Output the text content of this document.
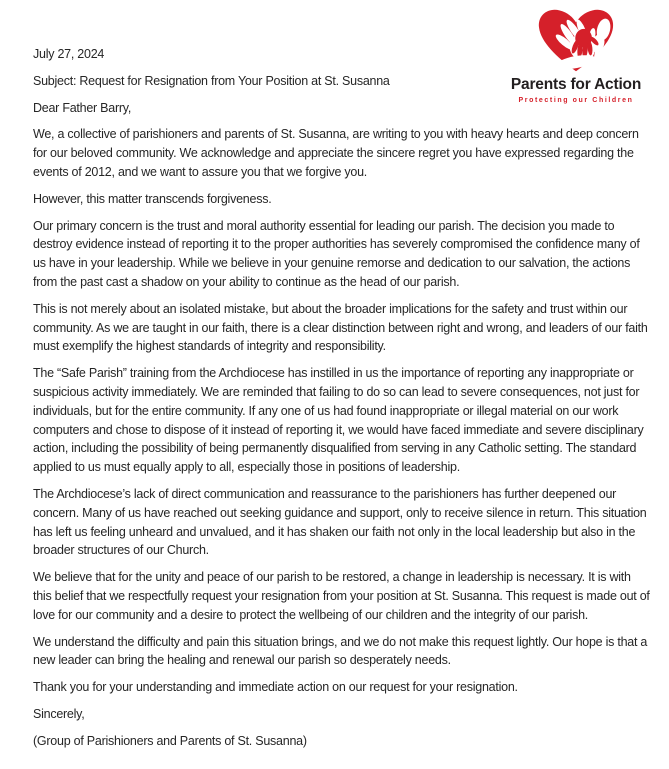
Parents for Action
Protecting our Children

July 27, 2024

Subject: Request for Resignation from Your Position at St. Susanna

Dear Father Barry,

We, a collective of parishioners and parents of St. Susanna, are writing to you with heavy hearts and deep concern for our beloved community. We acknowledge and appreciate the sincere regret you have expressed regarding the events of 2012, and we want to assure you that we forgive you.

However, this matter transcends forgiveness.

Our primary concern is the trust and moral authority essential for leading our parish. The decision you made to destroy evidence instead of reporting it to the proper authorities has severely compromised the confidence many of us have in your leadership. While we believe in your genuine remorse and dedication to our salvation, the actions from the past cast a shadow on your ability to continue as the head of our parish.

This is not merely about an isolated mistake, but about the broader implications for the safety and trust within our community. As we are taught in our faith, there is a clear distinction between right and wrong, and leaders of our faith must exemplify the highest standards of integrity and responsibility.

The “Safe Parish” training from the Archdiocese has instilled in us the importance of reporting any inappropriate or suspicious activity immediately. We are reminded that failing to do so can lead to severe consequences, not just for individuals, but for the entire community. If any one of us had found inappropriate or illegal material on our work computers and chose to dispose of it instead of reporting it, we would have faced immediate and severe disciplinary action, including the possibility of being permanently disqualified from serving in any Catholic setting. The standard applied to us must equally apply to all, especially those in positions of leadership.

The Archdiocese’s lack of direct communication and reassurance to the parishioners has further deepened our concern. Many of us have reached out seeking guidance and support, only to receive silence in return. This situation has left us feeling unheard and unvalued, and it has shaken our faith not only in the local leadership but also in the broader structures of our Church.

We believe that for the unity and peace of our parish to be restored, a change in leadership is necessary. It is with this belief that we respectfully request your resignation from your position at St. Susanna. This request is made out of love for our community and a desire to protect the wellbeing of our children and the integrity of our parish.

We understand the difficulty and pain this situation brings, and we do not make this request lightly. Our hope is that a new leader can bring the healing and renewal our parish so desperately needs.

Thank you for your understanding and immediate action on our request for your resignation.

Sincerely,

(Group of Parishioners and Parents of St. Susanna)
